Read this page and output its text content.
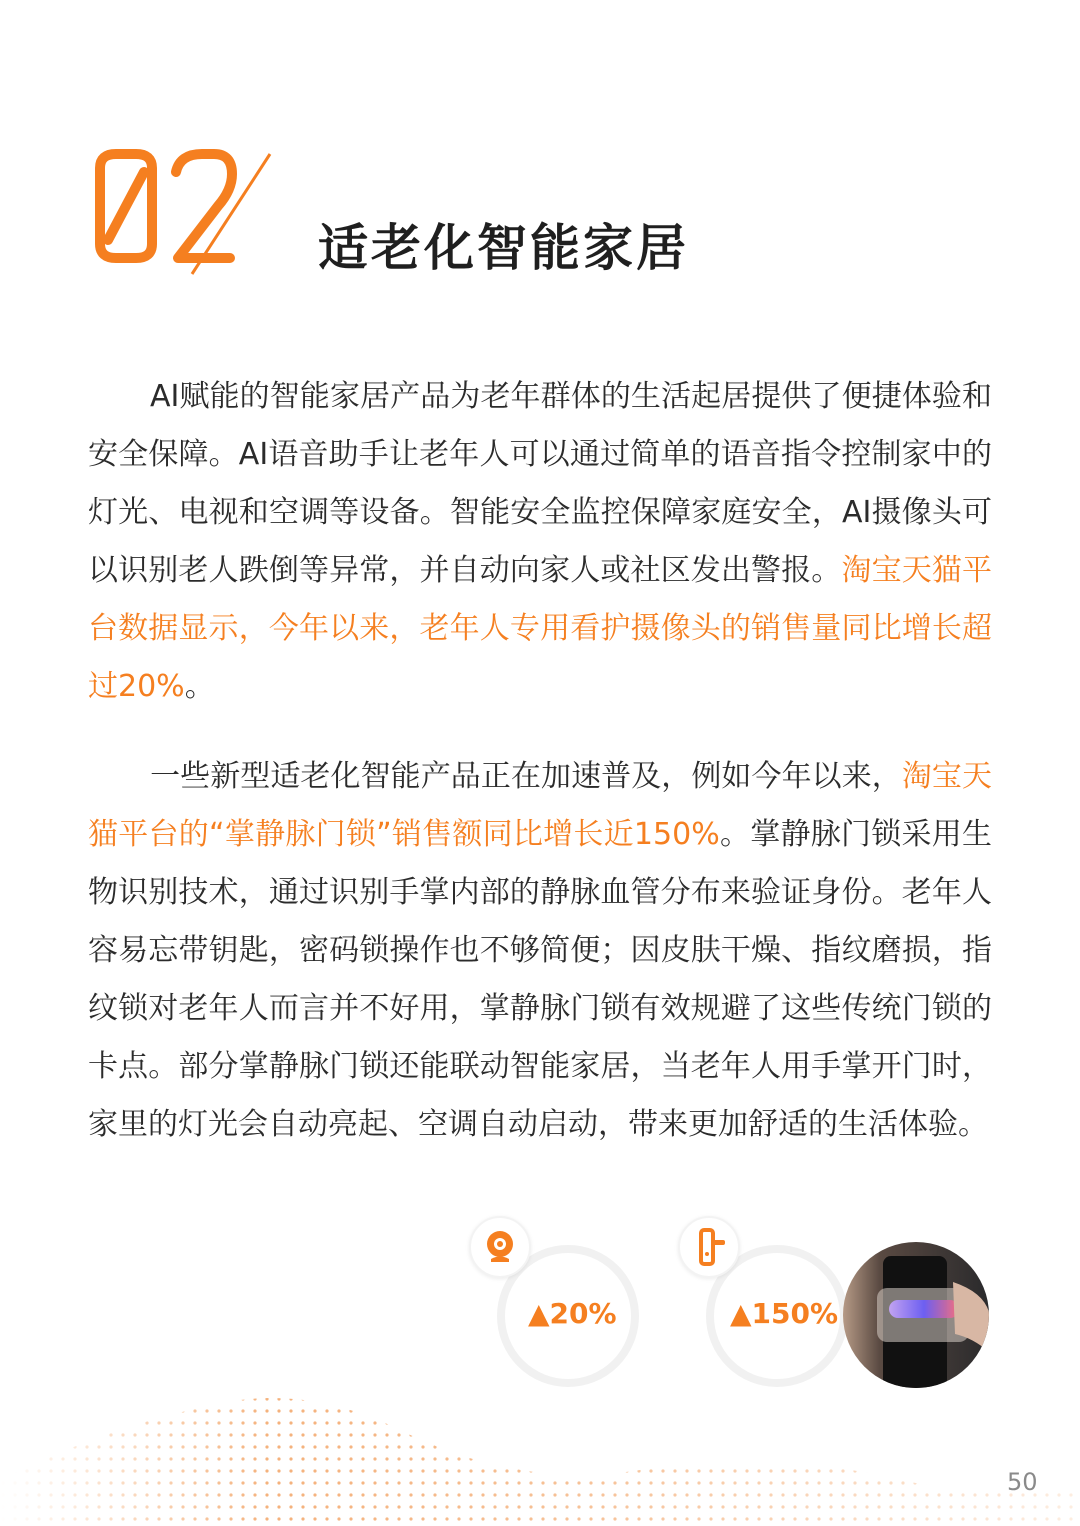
适老化智能家居

AI赋能的智能家居产品为老年群体的生活起居提供了便捷体验和安全保障。AI语音助手让老年人可以通过简单的语音指令控制家中的灯光、电视和空调等设备。智能安全监控保障家庭安全，AI摄像头可以识别老人跌倒等异常，并自动向家人或社区发出警报。淘宝天猫平台数据显示，今年以来，老年人专用看护摄像头的销售量同比增长超过20%。

一些新型适老化智能产品正在加速普及，例如今年以来，淘宝天猫平台的“掌静脉门锁”销售额同比增长近150%。掌静脉门锁采用生物识别技术，通过识别手掌内部的静脉血管分布来验证身份。老年人容易忘带钥匙，密码锁操作也不够简便；因皮肤干燥、指纹磨损，指纹锁对老年人而言并不好用，掌静脉门锁有效规避了这些传统门锁的卡点。部分掌静脉门锁还能联动智能家居，当老年人用手掌开门时，家里的灯光会自动亮起、空调自动启动，带来更加舒适的生活体验。

▲20%	▲150%
50
